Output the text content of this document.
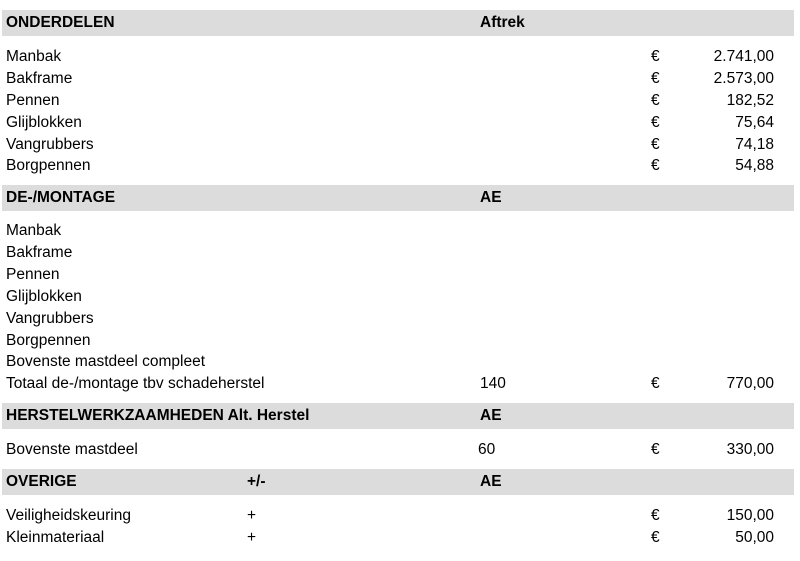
ONDERDELEN	Aftrek
Manbak	€	2.741,00
Bakframe	€	2.573,00
Pennen	€	182,52
Glijblokken	€	75,64
Vangrubbers	€	74,18
Borgpennen	€	54,88
DE-/MONTAGE	AE
Manbak
Bakframe
Pennen
Glijblokken
Vangrubbers
Borgpennen
Bovenste mastdeel compleet
Totaal de-/montage tbv schadeherstel	140	€	770,00
HERSTELWERKZAAMHEDEN Alt. Herstel	AE
Bovenste mastdeel	60	€	330,00
OVERIGE	+/-	AE
Veiligheidskeuring	+	€	150,00
Kleinmateriaal	+	€	50,00
